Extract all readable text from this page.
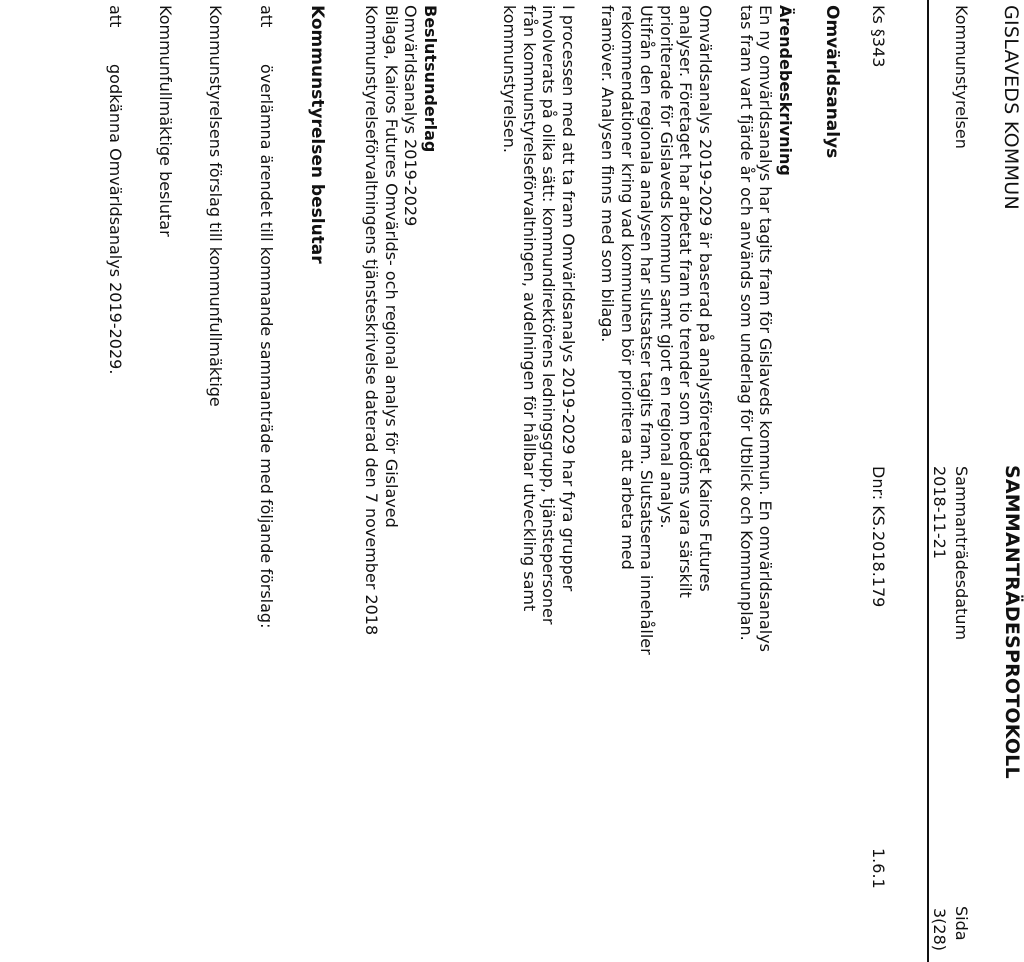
GISLAVEDS KOMMUN
SAMMANTRÄDESPROTOKOLL
Kommunstyrelsen
Sammanträdesdatum
2018-11-21
Sida
3(28)
Ks §343
Dnr: KS.2018.179
1.6.1
Omvärldsanalys
Ärendebeskrivning
En ny omvärldsanalys har tagits fram för Gislaveds kommun. En omvärldsanalys
tas fram vart fjärde år och används som underlag för Utblick och Kommunplan.
Omvärldsanalys 2019-2029 är baserad på analysföretaget Kairos Futures
analyser. Företaget har arbetat fram tio trender som bedöms vara särskilt
prioriterade för Gislaveds kommun samt gjort en regional analys.
Utifrån den regionala analysen har slutsatser tagits fram. Slutsatserna innehåller
rekommendationer kring vad kommunen bör prioritera att arbeta med
framöver. Analysen finns med som bilaga.
I processen med att ta fram Omvärldsanalys 2019-2029 har fyra grupper
involverats på olika sätt: kommundirektörens ledningsgrupp, tjänstepersoner
från kommunstyrelseförvaltningen, avdelningen för hållbar utveckling samt
kommunstyrelsen.
Beslutsunderlag
Omvärldsanalys 2019-2029
Bilaga, Kairos Futures Omvärlds- och regional analys för Gislaved
Kommunstyrelseförvaltningens tjänsteskrivelse daterad den 7 november 2018
Kommunstyrelsen beslutar
att
överlämna ärendet till kommande sammanträde med följande förslag:
Kommunstyrelsens förslag till kommunfullmäktige
Kommunfullmäktige beslutar
att
godkänna Omvärldsanalys 2019-2029.
